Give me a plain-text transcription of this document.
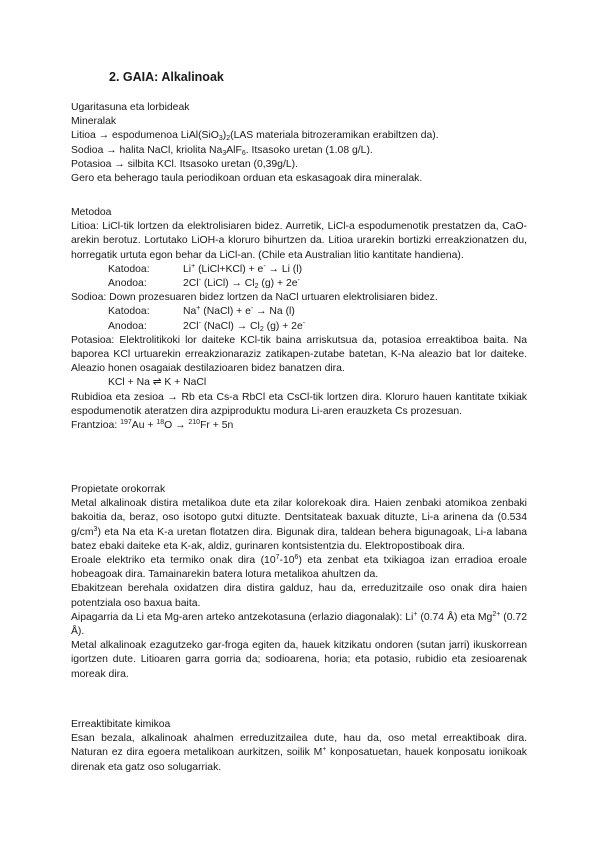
2. GAIA: Alkalinoak

Ugaritasuna eta lorbideak

Mineralak

Litioa → espodumenoa $LiAl(SiO_3)_2(LAS$ materiala bitrozeramikan erabiltzen da).

Sodioa → halita NaCl, kriolita $Na_3AlF_6$. Itsasoko uretan (1.08 g/L).

Potasioa → silbita KCl. Itsasoko uretan (0,39g/L).

Gero eta beherago taula periodikoan orduan eta eskasagoak dira mineralak.

Metodoa

Litioa: LiCl-tik lortzen da elektrolisiaren bidez. Aurretik, LiCl-a espodumenotik prestatzen da, CaO-arekin berotuz. Lortutako LiOH-a kloruro bihurtzen da. Litioa urarekin bortizki erreakzionatzen du, horregatik urtuta egon behar da LiCl-an. (Chile eta Australian litio kantitate handiena).

Katodoa:	Li+ (LiCl+KCl) + e- → Li (l)
Anodoa:	2Cl- (LiCl) → $Cl_2$ (g) + 2e-

Sodioa: Down prozesuaren bidez lortzen da NaCl urtuaren elektrolisiaren bidez.

Katodoa:	Na+ (NaCl) + e- → Na (l)
Anodoa:	2Cl- (NaCl) → $Cl_2$ (g) + 2e-

Potasioa: Elektrolitikoki lor daiteke KCl-tik baina arriskutsua da, potasioa erreaktiboa baita. Na baporea KCl urtuarekin erreakzionaraziz zatikapen-zutabe batetan, K-Na aleazio bat lor daiteke. Aleazio honen osagaiak destilazioaren bidez banatzen dira.

KCl + Na ⇌ K + NaCl

Rubidioa eta zesioa → Rb eta Cs-a RbCl eta CsCl-tik lortzen dira. Kloruro hauen kantitate txikiak espodumenotik ateratzen dira azpiproduktu modura Li-aren erauzketa Cs prozesuan.

Frantzioa: $^{197}$Au + $^{18}$O → $^{210}$Fr + 5n

Propietate orokorrak

Metal alkalinoak distira metalikoa dute eta zilar kolorekoak dira. Haien zenbaki atomikoa zenbaki bakoitia da, beraz, oso isotopo gutxi dituzte. Dentsitateak baxuak dituzte, Li-a arinena da (0.534 $g/cm^3$) eta Na eta K-a uretan flotatzen dira. Bigunak dira, taldean behera bigunagoak, Li-a labana batez ebaki daiteke eta K-ak, aldiz, gurinaren kontsistentzia du. Elektropostiboak dira.

Eroale elektriko eta termiko onak dira $(10^7-10^6)$ eta zenbat eta txikiagoa izan erradioa eroale hobeagoak dira. Tamainarekin batera lotura metalikoa ahultzen da.

Ebakitzean berehala oxidatzen dira distira galduz, hau da, erreduzitzaile oso onak dira haien potentziala oso baxua baita.

Aipagarria da Li eta Mg-aren arteko antzekotasuna (erlazio diagonalak): Li+ (0.74 Å) eta $Mg^{2+}$ (0.72 Å).

Metal alkalinoak ezagutzeko gar-froga egiten da, hauek kitzikatu ondoren (sutan jarri) ikuskorrean igortzen dute. Litioaren garra gorria da; sodioarena, horia; eta potasio, rubidio eta zesioarenak moreak dira.

Erreaktibitate kimikoa

Esan bezala, alkalinoak ahalmen erreduzitzailea dute, hau da, oso metal erreaktiboak dira. Naturan ez dira egoera metalikoan aurkitzen, soilik M+ konposatuetan, hauek konposatu ionikoak direnak eta gatz oso solugarriak.
